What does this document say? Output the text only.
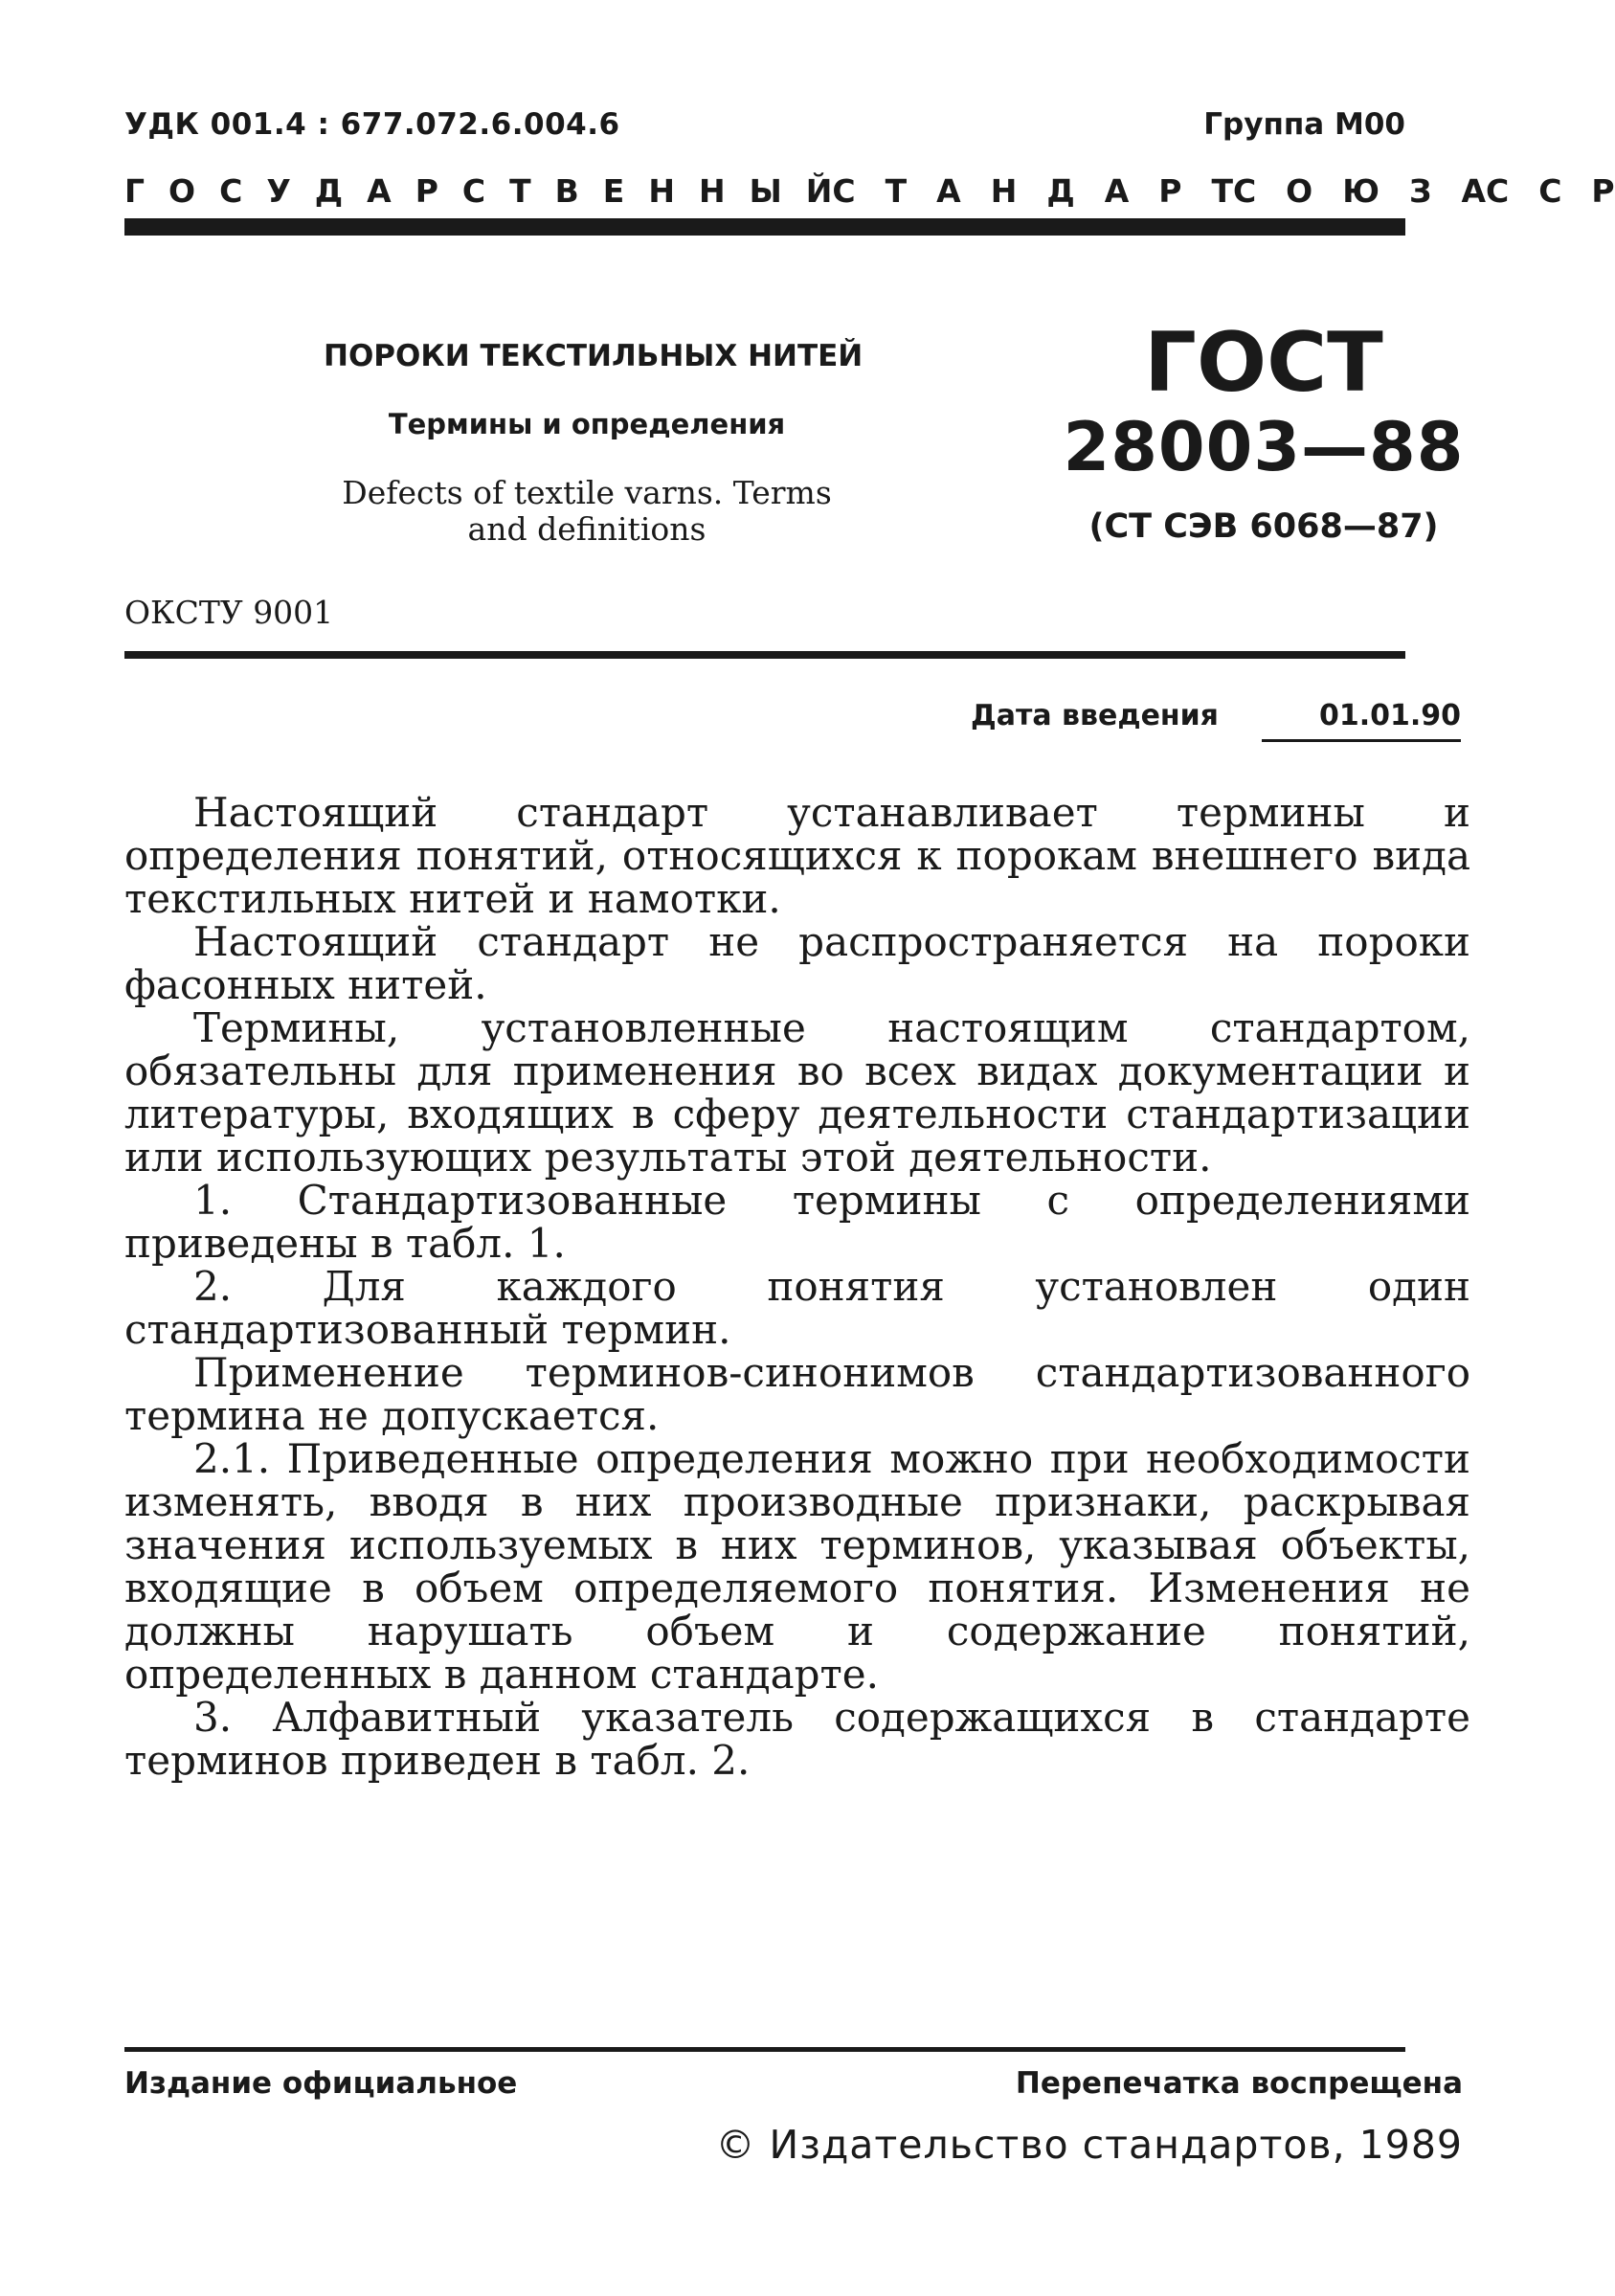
УДК 001.4 : 677.072.6.004.6	Группа М00
Г О С У Д А Р С Т В Е Н Н Ы Й С Т А Н Д А Р Т С О Ю З А С С Р
ПОРОКИ ТЕКСТИЛЬНЫХ НИТЕЙ
Термины и определения
Defects of textile varns. Terms and definitions
ГОСТ
28003—88
(СТ СЭВ 6068—87)
ОКСТУ 9001
Дата введения	01.01.90

Настоящий стандарт устанавливает термины и определения понятий, относящихся к порокам внешнего вида текстильных нитей и намотки.

Настоящий стандарт не распространяется на пороки фасонных нитей.

Термины, установленные настоящим стандартом, обязательны для применения во всех видах документации и литературы, входящих в сферу деятельности стандартизации или использующих результаты этой деятельности.

1. Стандартизованные термины с определениями приведены в табл. 1.

2. Для каждого понятия установлен один стандартизованный термин.

Применение терминов-синонимов стандартизованного термина не допускается.

2.1. Приведенные определения можно при необходимости изменять, вводя в них производные признаки, раскрывая значения используемых в них терминов, указывая объекты, входящие в объем определяемого понятия. Изменения не должны нарушать объем и содержание понятий, определенных в данном стандарте.

3. Алфавитный указатель содержащихся в стандарте терминов приведен в табл. 2.

Издание официальное	Перепечатка воспрещена
© Издательство стандартов, 1989
